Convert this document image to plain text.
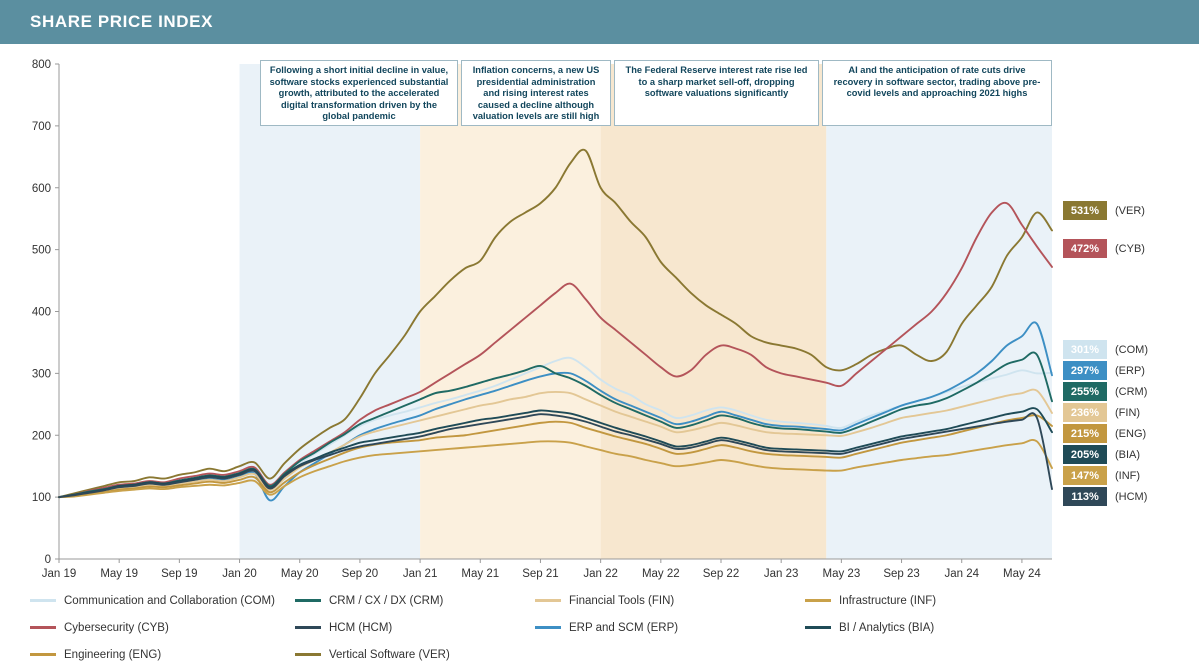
SHARE PRICE INDEX
0
100
200
300
400
500
600
700
800
Jan 19 May 19 Sep 19 Jan 20 May 20 Sep 20 Jan 21 May 21 Sep 21 Jan 22 May 22 Sep 22 Jan 23 May 23 Sep 23 Jan 24 May 24
Following a short initial decline in value, software stocks experienced substantial growth, attributed to the accelerated digital transformation driven by the global pandemic
Inflation concerns, a new US presidential administration and rising interest rates caused a decline although valuation levels are still high
The Federal Reserve interest rate rise led to a sharp market sell-off, dropping software valuations significantly
AI and the anticipation of rate cuts drive recovery in software sector, trading above pre-covid levels and approaching 2021 highs
531%	(VER)
472%	(CYB)
301%	(COM)
297%	(ERP)
255%	(CRM)
236%	(FIN)
215%	(ENG)
205%	(BIA)
147%	(INF)
113%	(HCM)
Communication and Collaboration (COM)	CRM / CX / DX (CRM)	Financial Tools (FIN)	Infrastructure (INF)
Cybersecurity (CYB)	HCM (HCM)	ERP and SCM (ERP)	BI / Analytics (BIA)
Engineering (ENG)	Vertical Software (VER)
